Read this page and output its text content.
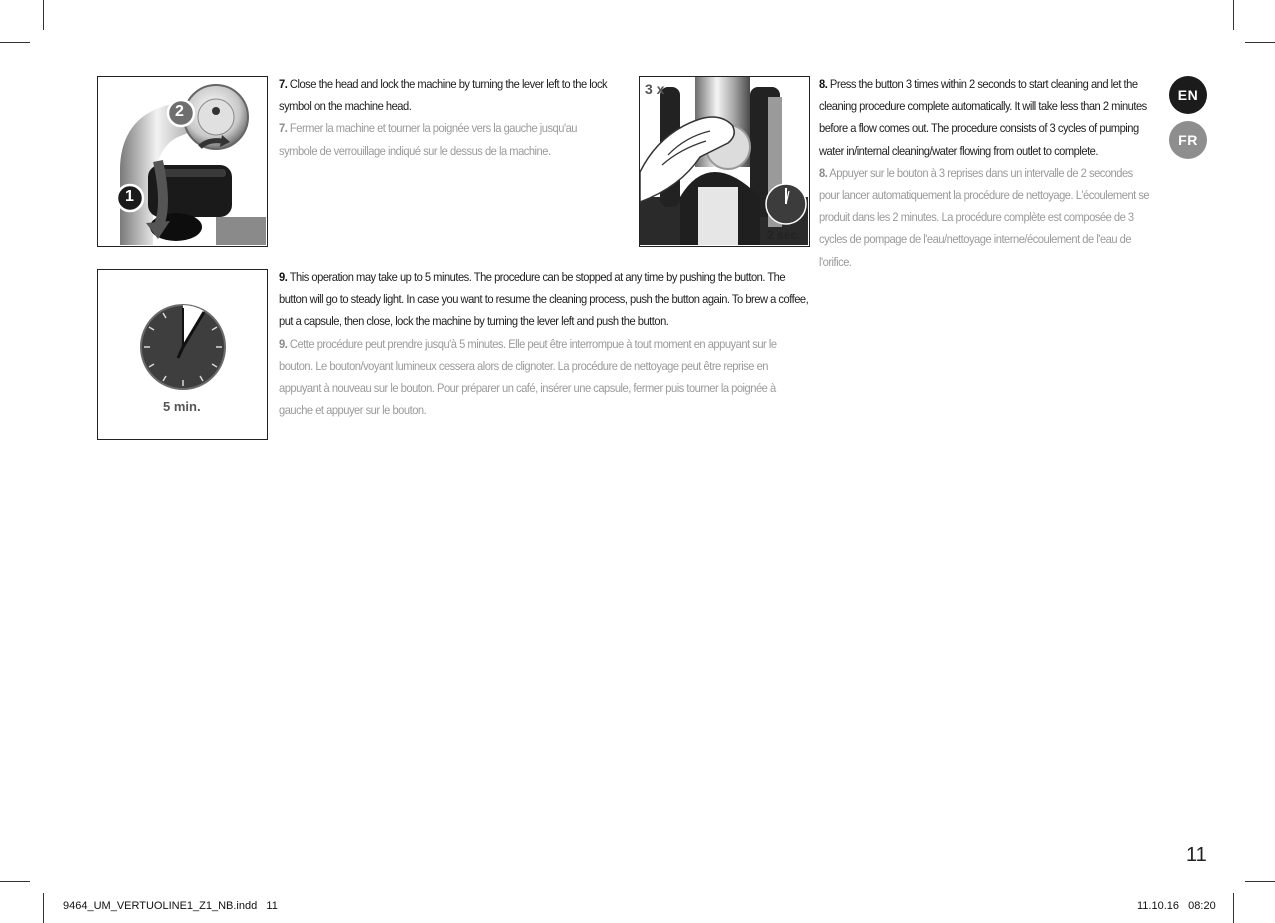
2
1
7. Close the head and lock the machine by turning the lever left to the lock symbol on the machine head.
7. Fermer la machine et tourner la poignée vers la gauche jusqu'au symbole de verrouillage indiqué sur le dessus de la machine.
3 x
2 sec.
8. Press the button 3 times within 2 seconds to start cleaning and let the cleaning procedure complete automatically. It will take less than 2 minutes before a flow comes out. The procedure consists of 3 cycles of pumping water in/internal cleaning/water flowing from outlet to complete.
8. Appuyer sur le bouton à 3 reprises dans un intervalle de 2 secondes pour lancer automatiquement la procédure de nettoyage. L'écoulement se produit dans les 2 minutes. La procédure complète est composée de 3 cycles de pompage de l'eau/nettoyage interne/écoulement de l'eau de l'orifice.
EN
FR
5 min.
9. This operation may take up to 5 minutes. The procedure can be stopped at any time by pushing the button. The button will go to steady light. In case you want to resume the cleaning process, push the button again. To brew a coffee, put a capsule, then close, lock the machine by turning the lever left and push the button.
9. Cette procédure peut prendre jusqu'à 5 minutes. Elle peut être interrompue à tout moment en appuyant sur le bouton. Le bouton/voyant lumineux cessera alors de clignoter. La procédure de nettoyage peut être reprise en appuyant à nouveau sur le bouton. Pour préparer un café, insérer une capsule, fermer puis tourner la poignée à gauche et appuyer sur le bouton.
11
9464_UM_VERTUOLINE1_Z1_NB.indd   11	11.10.16   08:20
